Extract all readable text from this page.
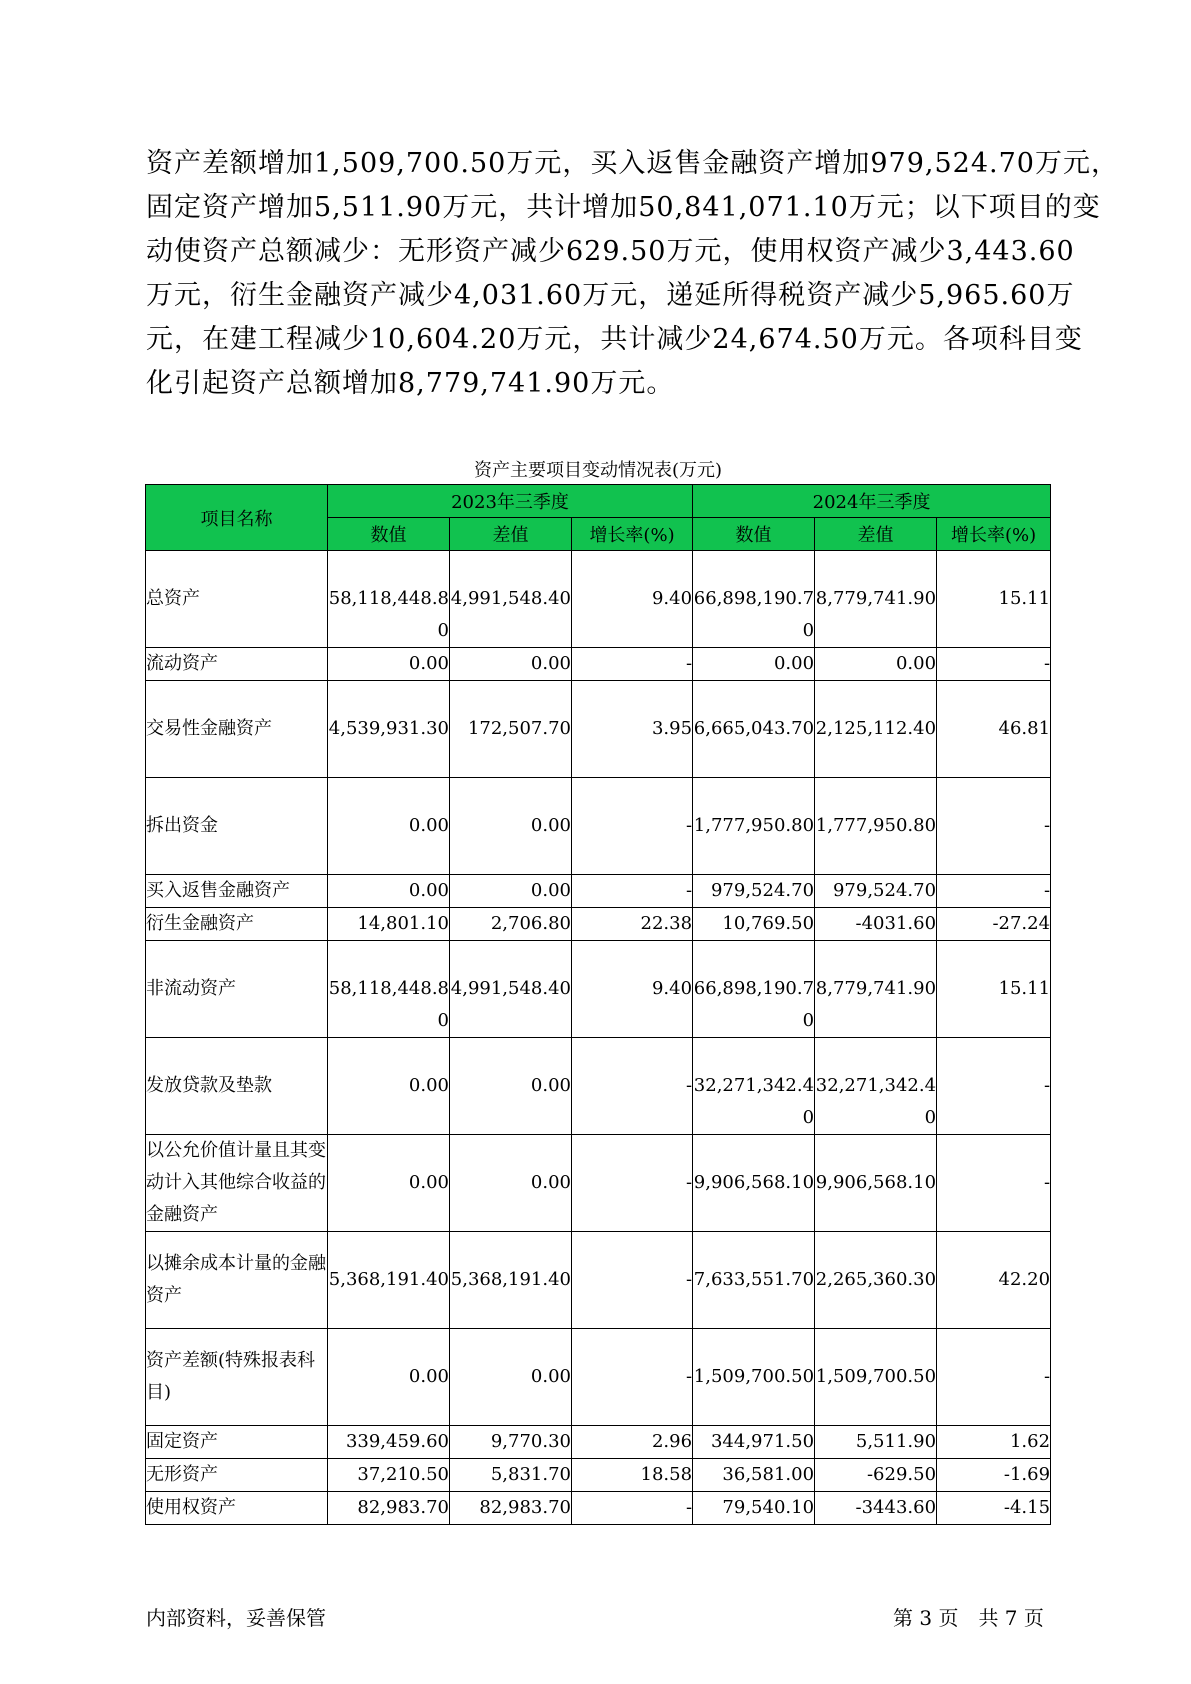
资产差额增加1,509,700.50万元，买入返售金融资产增加979,524.70万元，

固定资产增加5,511.90万元，共计增加50,841,071.10万元；以下项目的变

动使资产总额减少：无形资产减少629.50万元，使用权资产减少3,443.60

万元，衍生金融资产减少4,031.60万元，递延所得税资产减少5,965.60万

元，在建工程减少10,604.20万元，共计减少24,674.50万元。各项科目变

化引起资产总额增加8,779,741.90万元。

资产主要项目变动情况表(万元)
项目名称	2023年三季度			2024年三季度		
	数值	差值	增长率(%)	数值	差值	增长率(%)
总资产	58,118,448.80	4,991,548.40	9.40	66,898,190.70	8,779,741.90	15.11
流动资产	0.00	0.00	-	0.00	0.00	-
交易性金融资产	4,539,931.30	172,507.70	3.95	6,665,043.70	2,125,112.40	46.81
拆出资金	0.00	0.00	-	1,777,950.80	1,777,950.80	-
买入返售金融资产	0.00	0.00	-	979,524.70	979,524.70	-
衍生金融资产	14,801.10	2,706.80	22.38	10,769.50	-4031.60	-27.24
非流动资产	58,118,448.80	4,991,548.40	9.40	66,898,190.70	8,779,741.90	15.11
发放贷款及垫款	0.00	0.00	-	32,271,342.40	32,271,342.40	-
以公允价值计量且其变动计入其他综合收益的金融资产	0.00	0.00	-	9,906,568.10	9,906,568.10	-
以摊余成本计量的金融资产	5,368,191.40	5,368,191.40	-	7,633,551.70	2,265,360.30	42.20
资产差额(特殊报表科目)	0.00	0.00	-	1,509,700.50	1,509,700.50	-
固定资产	339,459.60	9,770.30	2.96	344,971.50	5,511.90	1.62
无形资产	37,210.50	5,831.70	18.58	36,581.00	-629.50	-1.69
使用权资产	82,983.70	82,983.70	-	79,540.10	-3443.60	-4.15
内部资料，妥善保管	第 3 页　共 7 页
